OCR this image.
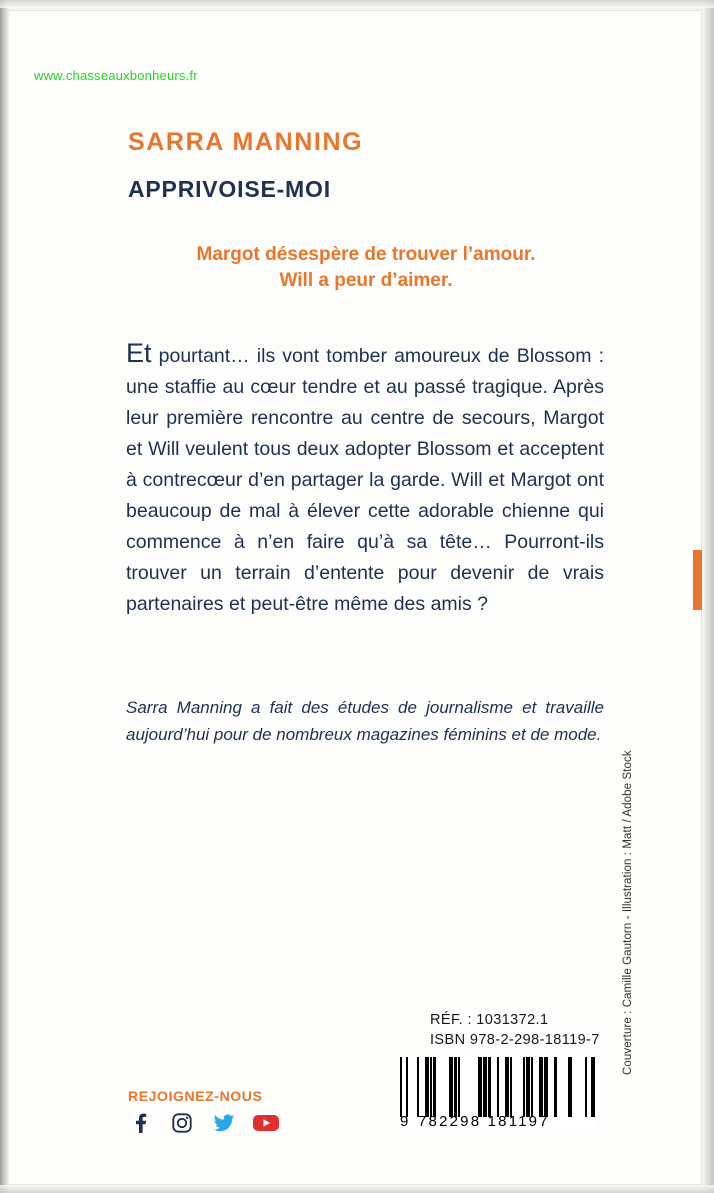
www.chasseauxbonheurs.fr
SARRA MANNING
APPRIVOISE-MOI
Margot désespère de trouver l’amour.
Will a peur d’aimer.
Et pourtant… ils vont tomber amoureux de Blossom : une staffie au cœur tendre et au passé tragique. Après leur première rencontre au centre de secours, Margot et Will veulent tous deux adopter Blossom et acceptent à contrecœur d’en partager la garde. Will et Margot ont beaucoup de mal à élever cette adorable chienne qui commence à n’en faire qu’à sa tête… Pourront-ils trouver un terrain d’entente pour devenir de vrais partenaires et peut-être même des amis ?
Sarra Manning a fait des études de journalisme et travaille aujourd’hui pour de nombreux magazines féminins et de mode.
Couverture : Camille Gautorn - Illustration : Matt / Adobe Stock
RÉF. : 1031372.1
ISBN 978-2-298-18119-7
9 782298 181197
REJOIGNEZ-NOUS
